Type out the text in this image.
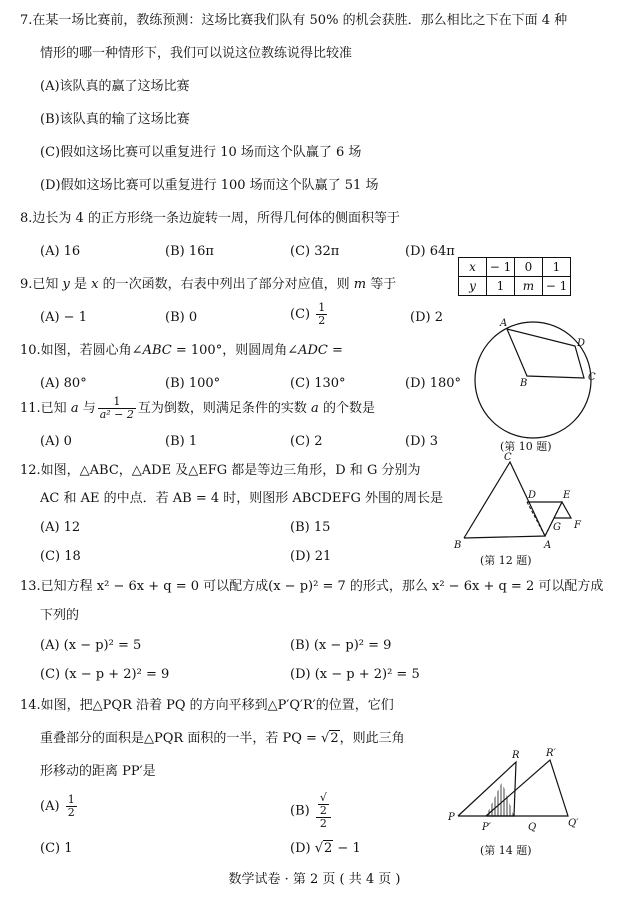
7.在某一场比赛前，教练预测：这场比赛我们队有 50% 的机会获胜．那么相比之下在下面 4 种
情形的哪一种情形下，我们可以说这位教练说得比较准
(A)该队真的赢了这场比赛
(B)该队真的输了这场比赛
(C)假如这场比赛可以重复进行 10 场而这个队赢了 6 场
(D)假如这场比赛可以重复进行 100 场而这个队赢了 51 场
8.边长为 4 的正方形绕一条边旋转一周，所得几何体的侧面积等于
(A) 16	(B) 16π	(C) 32π	(D) 64π
9.已知 y 是 x 的一次函数，右表中列出了部分对应值，则 m 等于
x	− 1	0	1
y	1	m	− 1
(A) − 1	(B) 0	$(C) \frac{1}{2}$	(D) 2
10.如图，若圆心角∠ABC = 100°，则圆周角∠ADC =
(A) 80°	(B) 100°	(C) 130°	(D) 180°
A
B
C
D
(第 10 题)
11.已知 a 与 $\frac{1}{\text{a² − 2}}$ 互为倒数，则满足条件的实数 a 的个数是
(A) 0	(B) 1	(C) 2	(D) 3
12.如图，△ABC，△ADE 及△EFG 都是等边三角形，D 和 G 分别为
AC 和 AE 的中点．若 AB = 4 时，则图形 ABCDEFG 外围的周长是
(A) 12	(B) 15
(C) 18	(D) 21
C
B	A
D	E
F
G
(第 12 题)
13.已知方程 x² − 6x + q = 0 可以配方成(x − p)² = 7 的形式，那么 x² − 6x + q = 2 可以配方成
下列的
(A) (x − p)² = 5	(B) (x − p)² = 9
(C) (x − p + 2)² = 9	(D) (x − p + 2)² = 5
14.如图，把△PQR 沿着 PQ 的方向平移到△P′Q′R′的位置，它们
重叠部分的面积是△PQR 面积的一半，若 PQ = √2，则此三角
形移动的距离 PP′是
$(A) \frac{1}{2}$	(B) √
2
2
(C) 1	(D) √2 − 1
P
P′	Q	Q′
R	R′
(第 14 题)
数学试卷 · 第 2 页 ( 共 4 页 )
